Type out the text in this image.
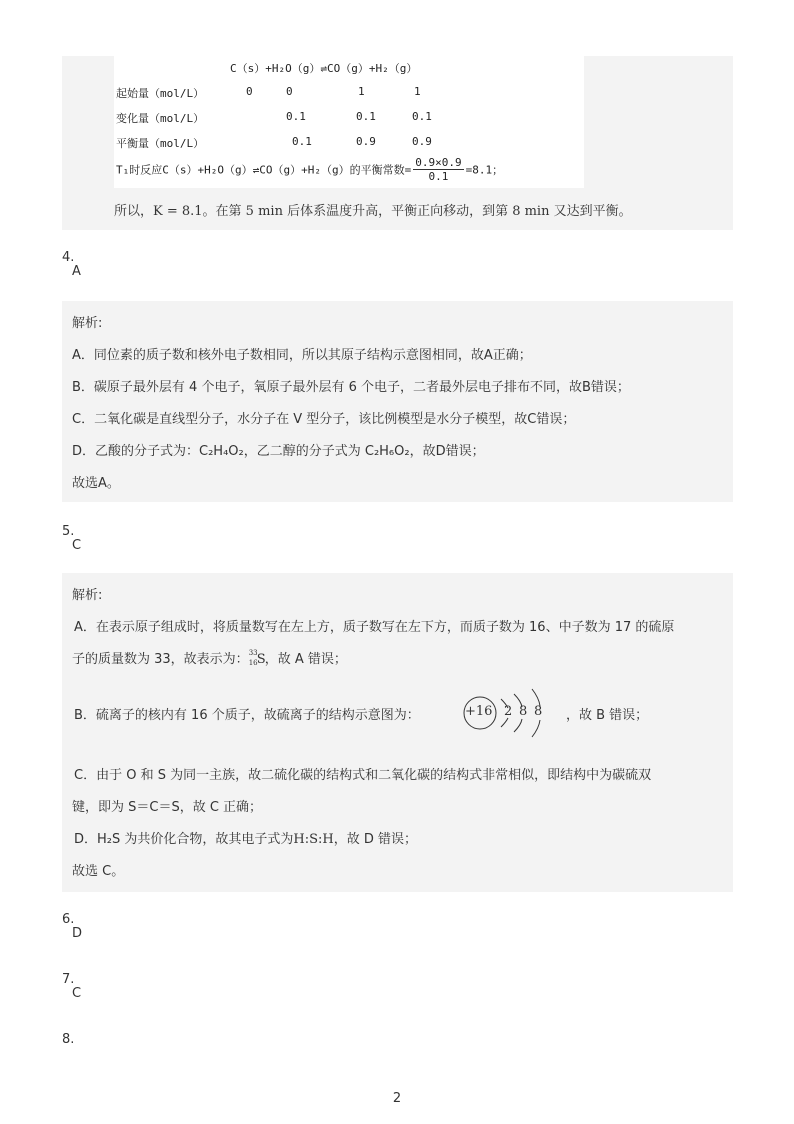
C（s）+H₂O（g）⇌CO（g）+H₂（g）
起始量（mol/L）	0	0	1	1
变化量（mol/L）	0.1	0.1	0.1
平衡量（mol/L）	0.1	0.9	0.9
T₁时反应C（s）+H₂O（g）⇌CO（g）+H₂（g）的平衡常数= $\frac{0.9\times 0.9}{0.1} =8.1$；
所以，K = 8.1。在第 5 min 后体系温度升高，平衡正向移动，到第 8 min 又达到平衡。
4.
A
解析:
A．同位素的质子数和核外电子数相同，所以其原子结构示意图相同，故A正确；
B．碳原子最外层有 4 个电子，氧原子最外层有 6 个电子，二者最外层电子排布不同，故B错误；
C．二氧化碳是直线型分子，水分子在 V 型分子，该比例模型是水分子模型，故C错误；
D．乙酸的分子式为：C₂H₄O₂，乙二醇的分子式为 C₂H₆O₂，故D错误；
故选A。
5.
C
解析:
A．在表示原子组成时，将质量数写在左上方，质子数写在左下方，而质子数为 16、中子数为 17 的硫原
子的质量数为 33，故表示为： 33
16 S，故 A 错误；
B．硫离子的核内有 16 个质子，故硫离子的结构示意图为：	+16 2 8 8 ，故 B 错误；
C．由于 O 和 S 为同一主族，故二硫化碳的结构式和二氧化碳的结构式非常相似，即结构中为碳硫双
键，即为 S＝C＝S，故 C 正确；
D．H₂S 为共价化合物，故其电子式为H:S:H，故 D 错误；
故选 C。
6.
D
7.
C
8.
2
